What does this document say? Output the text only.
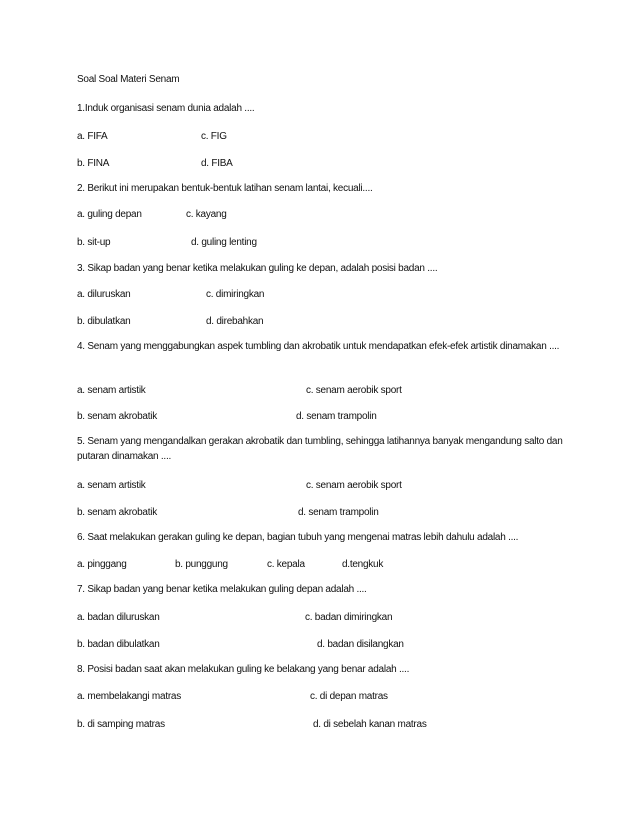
Soal Soal Materi Senam
1.Induk organisasi senam dunia adalah ....
a. FIFA	c. FIG
b. FINA	d. FIBA
2. Berikut ini merupakan bentuk-bentuk latihan senam lantai, kecuali....
a. guling depan	c. kayang
b. sit-up	d. guling lenting
3. Sikap badan yang benar ketika melakukan guling ke depan, adalah posisi badan ....
a. diluruskan	c. dimiringkan
b. dibulatkan	d. direbahkan
4. Senam yang menggabungkan aspek tumbling dan akrobatik untuk mendapatkan efek-efek artistik dinamakan ....
a. senam artistik	c. senam aerobik sport
b. senam akrobatik	d. senam trampolin
5. Senam yang mengandalkan gerakan akrobatik dan tumbling, sehingga latihannya banyak mengandung salto dan putaran dinamakan ....
a. senam artistik	c. senam aerobik sport
b. senam akrobatik	d. senam trampolin
6. Saat melakukan gerakan guling ke depan, bagian tubuh yang mengenai matras lebih dahulu adalah ....
a. pinggang	b. punggung	c. kepala	d.tengkuk
7. Sikap badan yang benar ketika melakukan guling depan adalah ....
a. badan diluruskan	c. badan dimiringkan
b. badan dibulatkan	d. badan disilangkan
8. Posisi badan saat akan melakukan guling ke belakang yang benar adalah ....
a. membelakangi matras	c. di depan matras
b. di samping matras	d. di sebelah kanan matras
